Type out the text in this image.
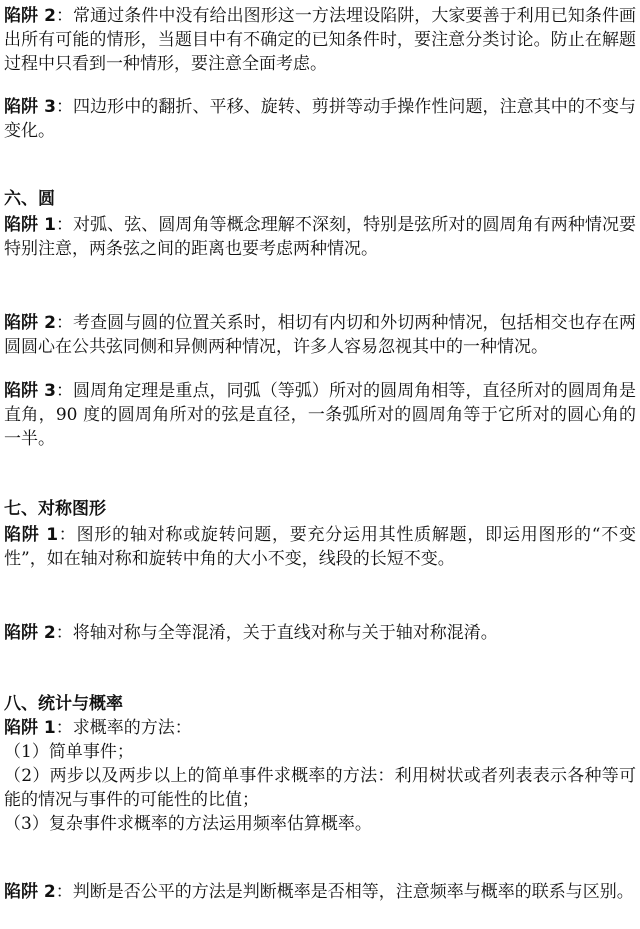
陷阱 2：常通过条件中没有给出图形这一方法埋设陷阱，大家要善于利用已知条件画出所有可能的情形，当题目中有不确定的已知条件时，要注意分类讨论。防止在解题过程中只看到一种情形，要注意全面考虑。
陷阱 3：四边形中的翻折、平移、旋转、剪拼等动手操作性问题，注意其中的不变与变化。
六、圆
陷阱 1：对弧、弦、圆周角等概念理解不深刻，特别是弦所对的圆周角有两种情况要特别注意，两条弦之间的距离也要考虑两种情况。
陷阱 2：考查圆与圆的位置关系时，相切有内切和外切两种情况，包括相交也存在两圆圆心在公共弦同侧和异侧两种情况，许多人容易忽视其中的一种情况。
陷阱 3：圆周角定理是重点，同弧（等弧）所对的圆周角相等，直径所对的圆周角是直角，90 度的圆周角所对的弦是直径，一条弧所对的圆周角等于它所对的圆心角的一半。
七、对称图形
陷阱 1：图形的轴对称或旋转问题，要充分运用其性质解题，即运用图形的“不变性”，如在轴对称和旋转中角的大小不变，线段的长短不变。
陷阱 2：将轴对称与全等混淆，关于直线对称与关于轴对称混淆。
八、统计与概率
陷阱 1：求概率的方法：
（1）简单事件；
（2）两步以及两步以上的简单事件求概率的方法：利用树状或者列表表示各种等可能的情况与事件的可能性的比值；
（3）复杂事件求概率的方法运用频率估算概率。
陷阱 2：判断是否公平的方法是判断概率是否相等，注意频率与概率的联系与区别。
